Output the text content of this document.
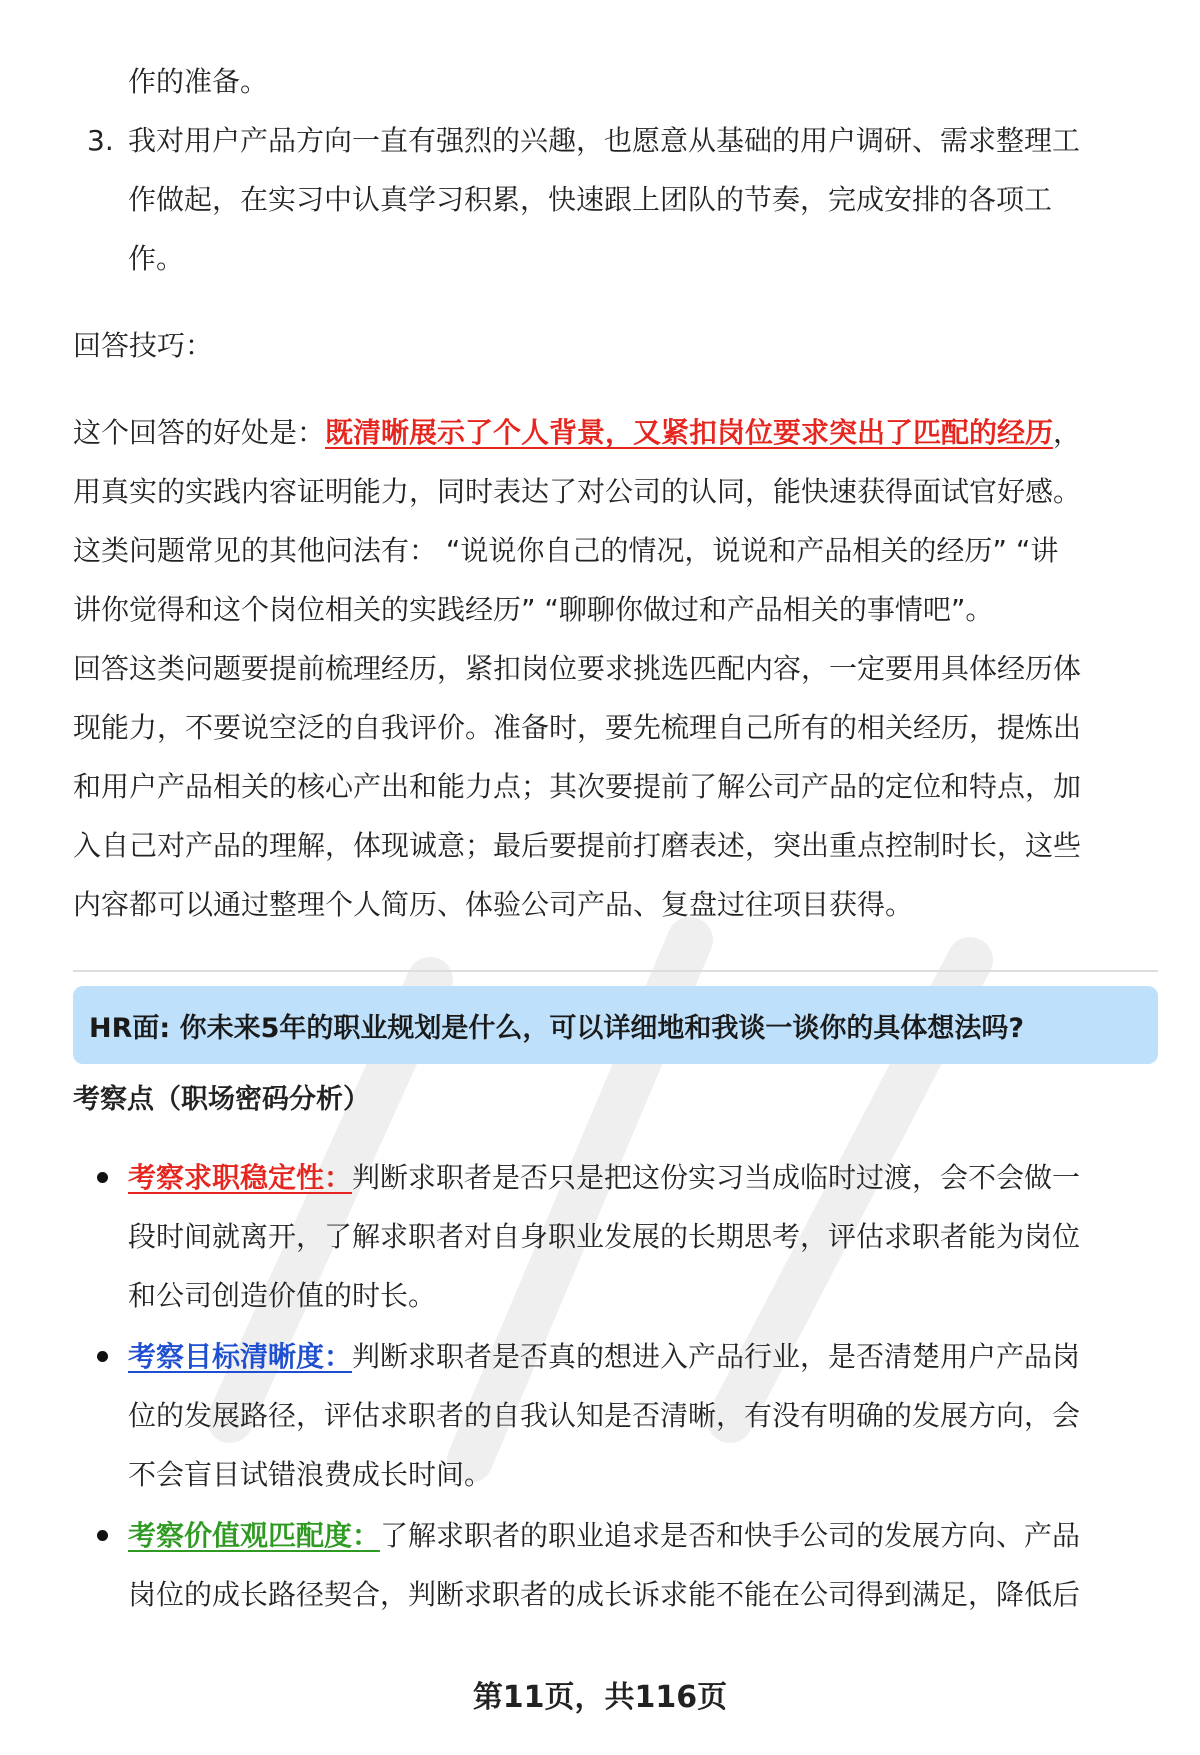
作的准备。
3. 我对用户产品方向一直有强烈的兴趣，也愿意从基础的用户调研、需求整理工
作做起，在实习中认真学习积累，快速跟上团队的节奏，完成安排的各项工
作。
回答技巧：
这个回答的好处是：既清晰展示了个人背景，又紧扣岗位要求突出了匹配的经历，
用真实的实践内容证明能力，同时表达了对公司的认同，能快速获得面试官好感。
这类问题常见的其他问法有： “说说你自己的情况，说说和产品相关的经历” “讲
讲你觉得和这个岗位相关的实践经历” “聊聊你做过和产品相关的事情吧”。
回答这类问题要提前梳理经历，紧扣岗位要求挑选匹配内容，一定要用具体经历体
现能力，不要说空泛的自我评价。准备时，要先梳理自己所有的相关经历，提炼出
和用户产品相关的核心产出和能力点；其次要提前了解公司产品的定位和特点，加
入自己对产品的理解，体现诚意；最后要提前打磨表述，突出重点控制时长，这些
内容都可以通过整理个人简历、体验公司产品、复盘过往项目获得。
HR面: 你未来5年的职业规划是什么，可以详细地和我谈一谈你的具体想法吗?
考察点（职场密码分析）
考察求职稳定性：判断求职者是否只是把这份实习当成临时过渡，会不会做一
段时间就离开，了解求职者对自身职业发展的长期思考，评估求职者能为岗位
和公司创造价值的时长。
考察目标清晰度：判断求职者是否真的想进入产品行业，是否清楚用户产品岗
位的发展路径，评估求职者的自我认知是否清晰，有没有明确的发展方向，会
不会盲目试错浪费成长时间。
考察价值观匹配度：了解求职者的职业追求是否和快手公司的发展方向、产品
岗位的成长路径契合，判断求职者的成长诉求能不能在公司得到满足，降低后
第11页，共116页
